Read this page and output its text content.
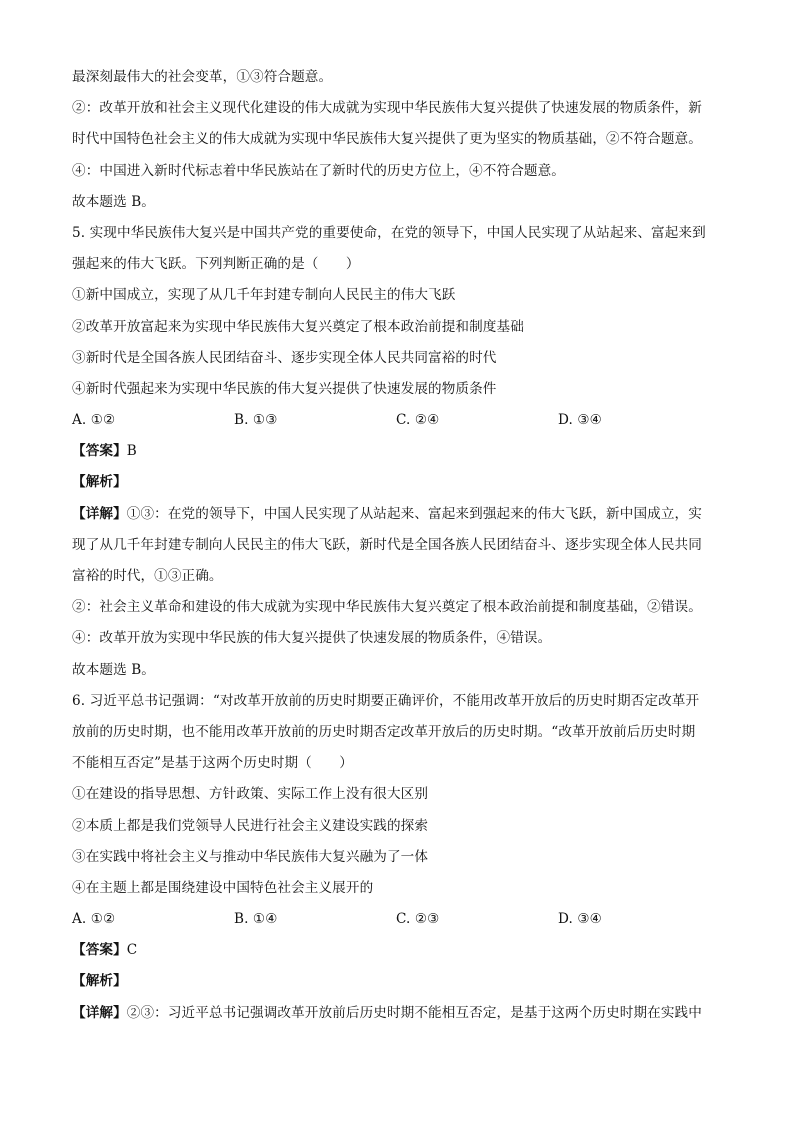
最深刻最伟大的社会变革，①③符合题意。
②：改革开放和社会主义现代化建设的伟大成就为实现中华民族伟大复兴提供了快速发展的物质条件，新
时代中国特色社会主义的伟大成就为实现中华民族伟大复兴提供了更为坚实的物质基础，②不符合题意。
④：中国进入新时代标志着中华民族站在了新时代的历史方位上，④不符合题意。
故本题选 B。
5. 实现中华民族伟大复兴是中国共产党的重要使命，在党的领导下，中国人民实现了从站起来、富起来到
强起来的伟大飞跃。下列判断正确的是（　　）
①新中国成立，实现了从几千年封建专制向人民民主的伟大飞跃
②改革开放富起来为实现中华民族伟大复兴奠定了根本政治前提和制度基础
③新时代是全国各族人民团结奋斗、逐步实现全体人民共同富裕的时代
④新时代强起来为实现中华民族的伟大复兴提供了快速发展的物质条件
A. ①②	B. ①③	C. ②④	D. ③④
【答案】B
【解析】
【详解】①③：在党的领导下，中国人民实现了从站起来、富起来到强起来的伟大飞跃，新中国成立，实
现了从几千年封建专制向人民民主的伟大飞跃，新时代是全国各族人民团结奋斗、逐步实现全体人民共同
富裕的时代，①③正确。
②：社会主义革命和建设的伟大成就为实现中华民族伟大复兴奠定了根本政治前提和制度基础，②错误。
④：改革开放为实现中华民族的伟大复兴提供了快速发展的物质条件，④错误。
故本题选 B。
6. 习近平总书记强调：“对改革开放前的历史时期要正确评价，不能用改革开放后的历史时期否定改革开
放前的历史时期，也不能用改革开放前的历史时期否定改革开放后的历史时期。“改革开放前后历史时期
不能相互否定”是基于这两个历史时期（　　）
①在建设的指导思想、方针政策、实际工作上没有很大区别
②本质上都是我们党领导人民进行社会主义建设实践的探索
③在实践中将社会主义与推动中华民族伟大复兴融为了一体
④在主题上都是围绕建设中国特色社会主义展开的
A. ①②	B. ①④	C. ②③	D. ③④
【答案】C
【解析】
【详解】②③：习近平总书记强调改革开放前后历史时期不能相互否定，是基于这两个历史时期在实践中
